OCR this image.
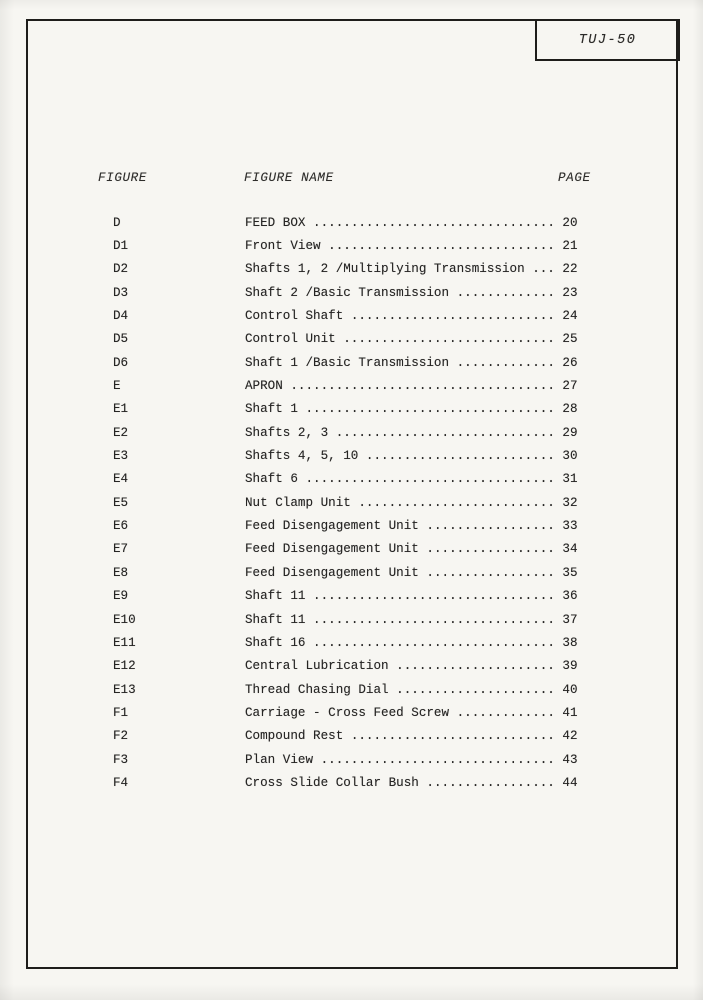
TUJ-50
FIGURE	FIGURE NAME	PAGE
D	FEED BOX ................................ 20
D1	Front View .............................. 21
D2	Shafts 1, 2 /Multiplying Transmission ... 22
D3	Shaft 2 /Basic Transmission ............. 23
D4	Control Shaft ........................... 24
D5	Control Unit ............................ 25
D6	Shaft 1 /Basic Transmission ............. 26
E	APRON ................................... 27
E1	Shaft 1 ................................. 28
E2	Shafts 2, 3 ............................. 29
E3	Shafts 4, 5, 10 ......................... 30
E4	Shaft 6 ................................. 31
E5	Nut Clamp Unit .......................... 32
E6	Feed Disengagement Unit ................. 33
E7	Feed Disengagement Unit ................. 34
E8	Feed Disengagement Unit ................. 35
E9	Shaft 11 ................................ 36
E10	Shaft 11 ................................ 37
E11	Shaft 16 ................................ 38
E12	Central Lubrication ..................... 39
E13	Thread Chasing Dial ..................... 40
F1	Carriage - Cross Feed Screw ............. 41
F2	Compound Rest ........................... 42
F3	Plan View ............................... 43
F4	Cross Slide Collar Bush ................. 44
